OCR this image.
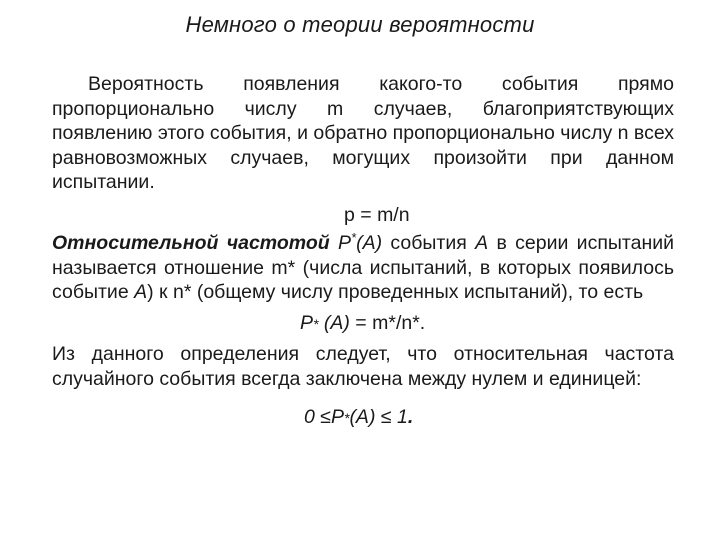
Немного о теории вероятности

Вероятность появления какого-то события прямо пропорционально числу m случаев, благоприятствующих появлению этого события, и обратно пропорционально числу n всех равновозможных случаев, могущих произойти при данном испытании.

p = m/n

Относительной частотой P*(A) события А в серии испытаний называется отношение m* (числа испытаний, в которых появилось событие А) к n* (общему числу проведенных испытаний), то есть

P* (A) = m*/n*.

Из данного определения следует, что относительная частота случайного события всегда заключена между нулем и единицей:

0 ≤P*(A) ≤ 1.
